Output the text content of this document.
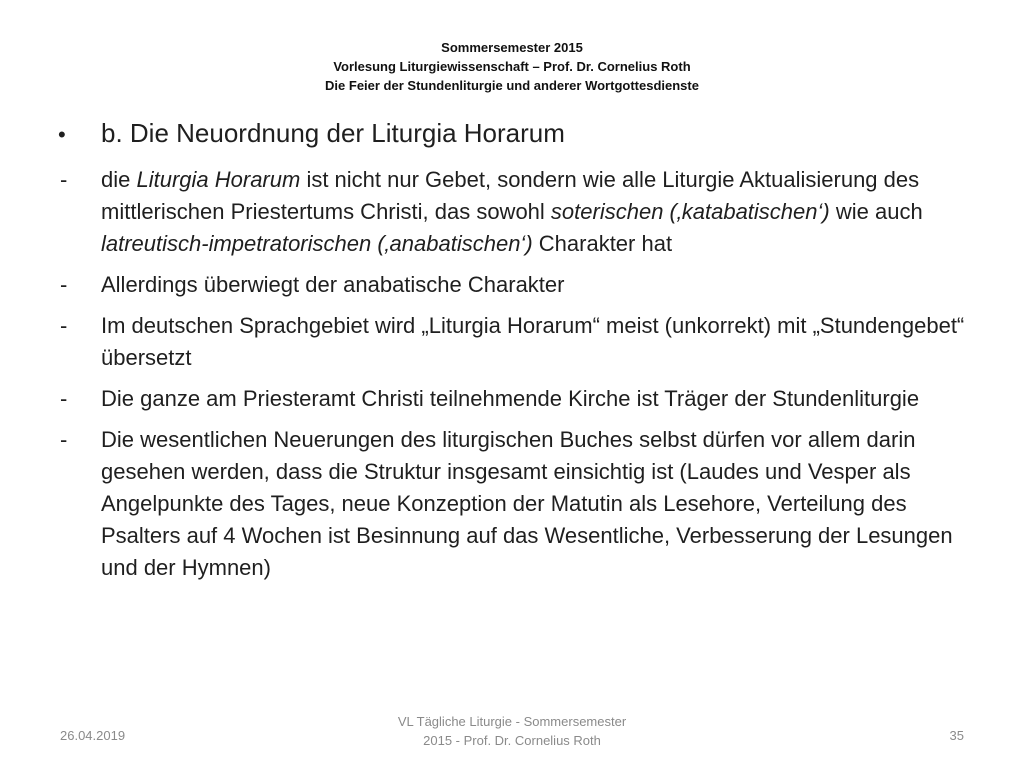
Sommersemester 2015
Vorlesung Liturgiewissenschaft – Prof. Dr. Cornelius Roth
Die Feier der Stundenliturgie und anderer Wortgottesdienste
•	b. Die Neuordnung der Liturgia Horarum
-	die Liturgia Horarum ist nicht nur Gebet, sondern wie alle Liturgie Aktualisierung des mittlerischen Priestertums Christi, das sowohl soterischen (‚katabatischen‘) wie auch latreutisch-impetratorischen (‚anabatischen‘) Charakter hat
-	Allerdings überwiegt der anabatische Charakter
-	Im deutschen Sprachgebiet wird „Liturgia Horarum“ meist (unkorrekt) mit „Stundengebet“ übersetzt
-	Die ganze am Priesteramt Christi teilnehmende Kirche ist Träger der Stundenliturgie
-	Die wesentlichen Neuerungen des liturgischen Buches selbst dürfen vor allem darin gesehen werden, dass die Struktur insgesamt einsichtig ist (Laudes und Vesper als Angelpunkte des Tages, neue Konzeption der Matutin als Lesehore, Verteilung des Psalters auf 4 Wochen ist Besinnung auf das Wesentliche, Verbesserung der Lesungen und der Hymnen)
26.04.2019
VL Tägliche Liturgie - Sommersemester
2015 - Prof. Dr. Cornelius Roth	35
